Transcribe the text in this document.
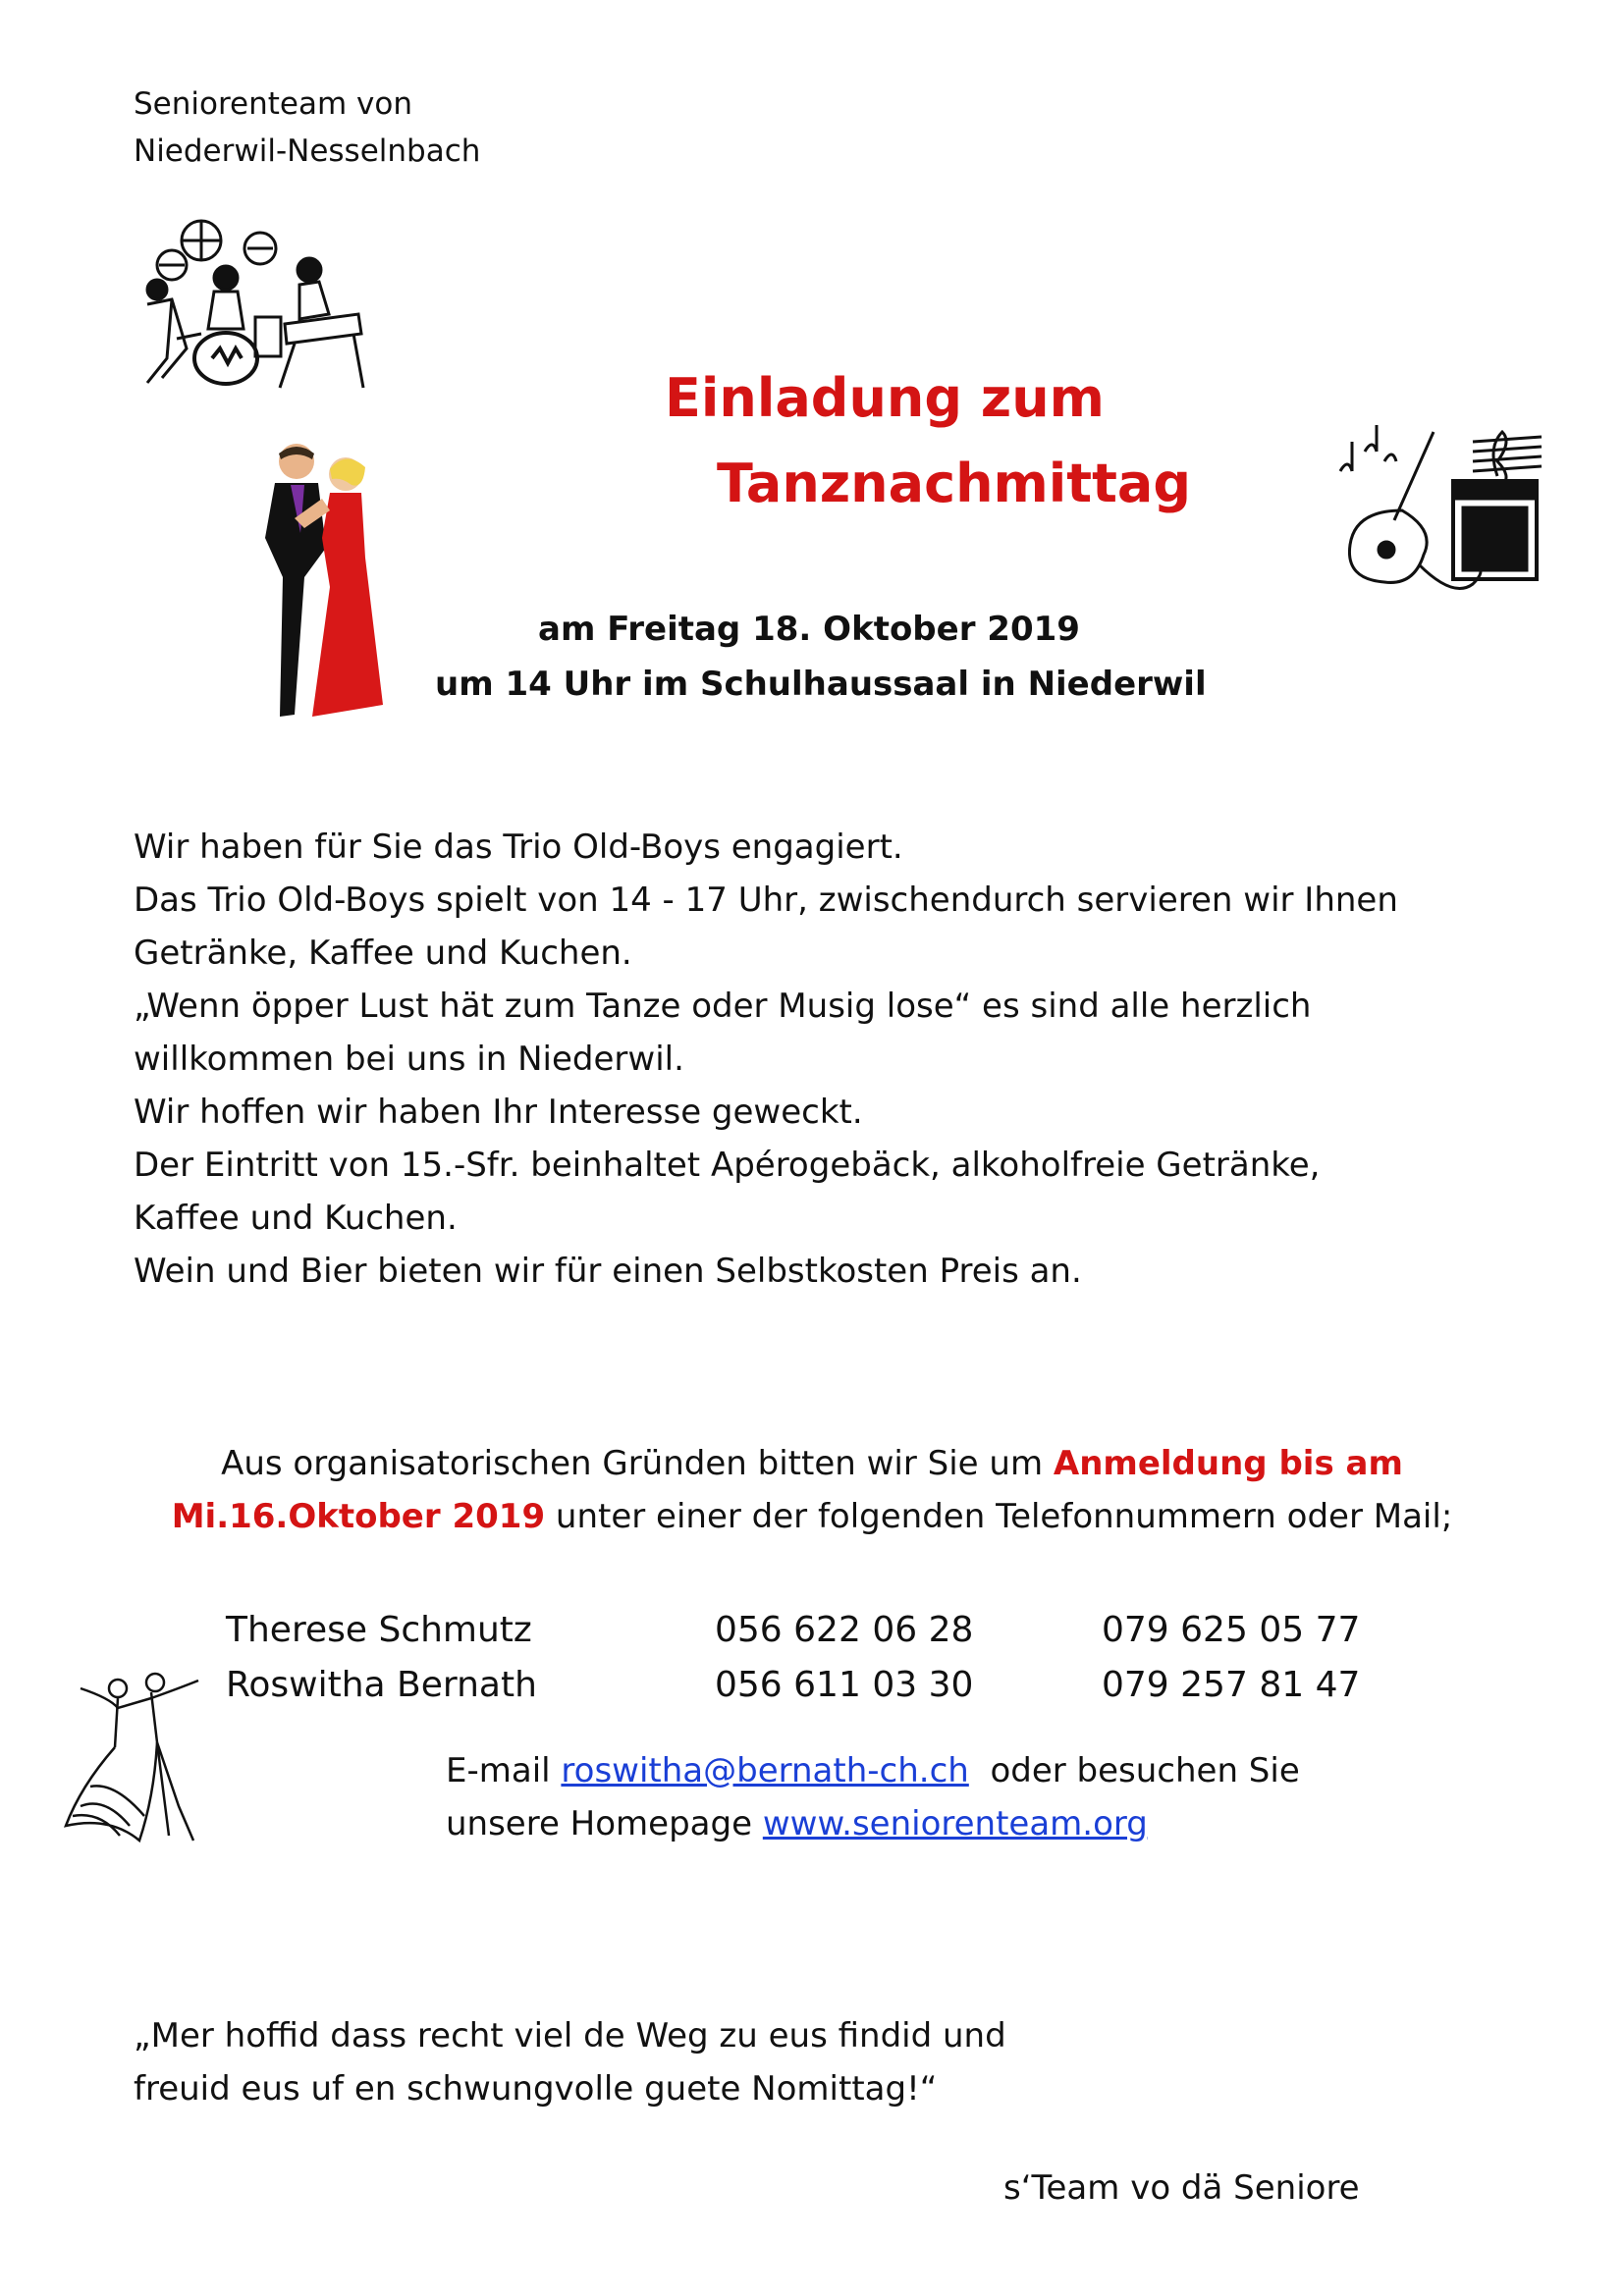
Seniorenteam von
Niederwil-Nesselnbach
Einladung zum
Tanznachmittag
am Freitag 18. Oktober 2019
um 14 Uhr im Schulhaussaal in Niederwil
Wir haben für Sie das Trio Old-Boys engagiert.
Das Trio Old-Boys spielt von 14 - 17 Uhr, zwischendurch servieren wir Ihnen
Getränke, Kaffee und Kuchen.
„Wenn öpper Lust hät zum Tanze oder Musig lose“ es sind alle herzlich
willkommen bei uns in Niederwil.
Wir hoffen wir haben Ihr Interesse geweckt.
Der Eintritt von 15.-Sfr. beinhaltet Apérogebäck, alkoholfreie Getränke,
Kaffee und Kuchen.
Wein und Bier bieten wir für einen Selbstkosten Preis an.
Aus organisatorischen Gründen bitten wir Sie um Anmeldung bis am
Mi.16.Oktober 2019 unter einer der folgenden Telefonnummern oder Mail;
Therese Schmutz	056 622 06 28	079 625 05 77
Roswitha Bernath	056 611 03 30	079 257 81 47
E-mail roswitha@bernath-ch.ch  oder besuchen Sie
unsere Homepage www.seniorenteam.org
„Mer hoffid dass recht viel de Weg zu eus findid und
freuid eus uf en schwungvolle guete Nomittag!“
s‘Team vo dä Seniore
